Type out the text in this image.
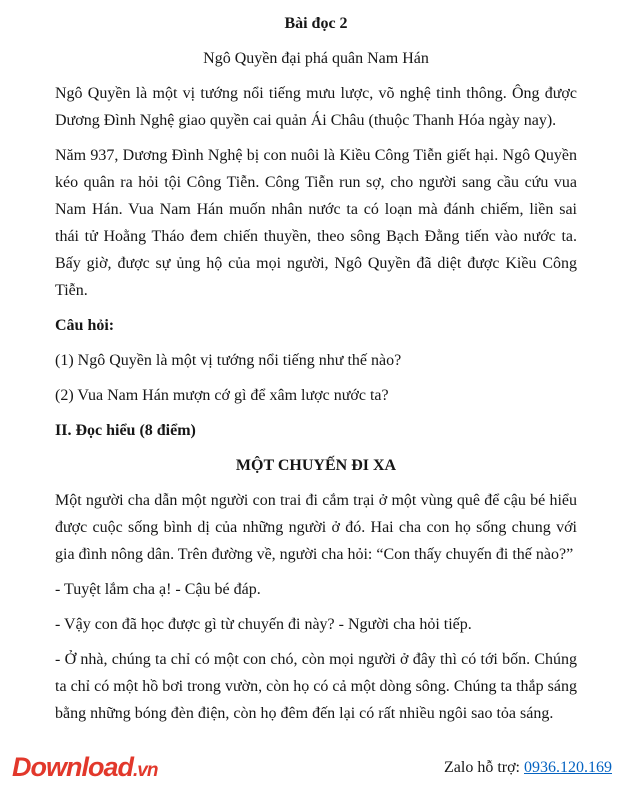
Bài đọc 2

Ngô Quyền đại phá quân Nam Hán

Ngô Quyền là một vị tướng nổi tiếng mưu lược, võ nghệ tinh thông. Ông được Dương Đình Nghệ giao quyền cai quản Ái Châu (thuộc Thanh Hóa ngày nay).

Năm 937, Dương Đình Nghệ bị con nuôi là Kiều Công Tiễn giết hại. Ngô Quyền kéo quân ra hỏi tội Công Tiễn. Công Tiễn run sợ, cho người sang cầu cứu vua Nam Hán. Vua Nam Hán muốn nhân nước ta có loạn mà đánh chiếm, liền sai thái tử Hoằng Tháo đem chiến thuyền, theo sông Bạch Đằng tiến vào nước ta. Bấy giờ, được sự ủng hộ của mọi người, Ngô Quyền đã diệt được Kiều Công Tiễn.

Câu hỏi:

(1) Ngô Quyền là một vị tướng nổi tiếng như thế nào?

(2) Vua Nam Hán mượn cớ gì để xâm lược nước ta?

II. Đọc hiểu (8 điểm)

MỘT CHUYẾN ĐI XA

Một người cha dẫn một người con trai đi cắm trại ở một vùng quê để cậu bé hiểu được cuộc sống bình dị của những người ở đó. Hai cha con họ sống chung với gia đình nông dân. Trên đường về, người cha hỏi: “Con thấy chuyến đi thế nào?”

- Tuyệt lắm cha ạ! - Cậu bé đáp.

- Vậy con đã học được gì từ chuyến đi này? - Người cha hỏi tiếp.

- Ở nhà, chúng ta chỉ có một con chó, còn mọi người ở đây thì có tới bốn. Chúng ta chỉ có một hồ bơi trong vườn, còn họ có cả một dòng sông. Chúng ta thắp sáng bằng những bóng đèn điện, còn họ đêm đến lại có rất nhiều ngôi sao tỏa sáng.

Download.vn	Zalo hỗ trợ: 0936.120.169
